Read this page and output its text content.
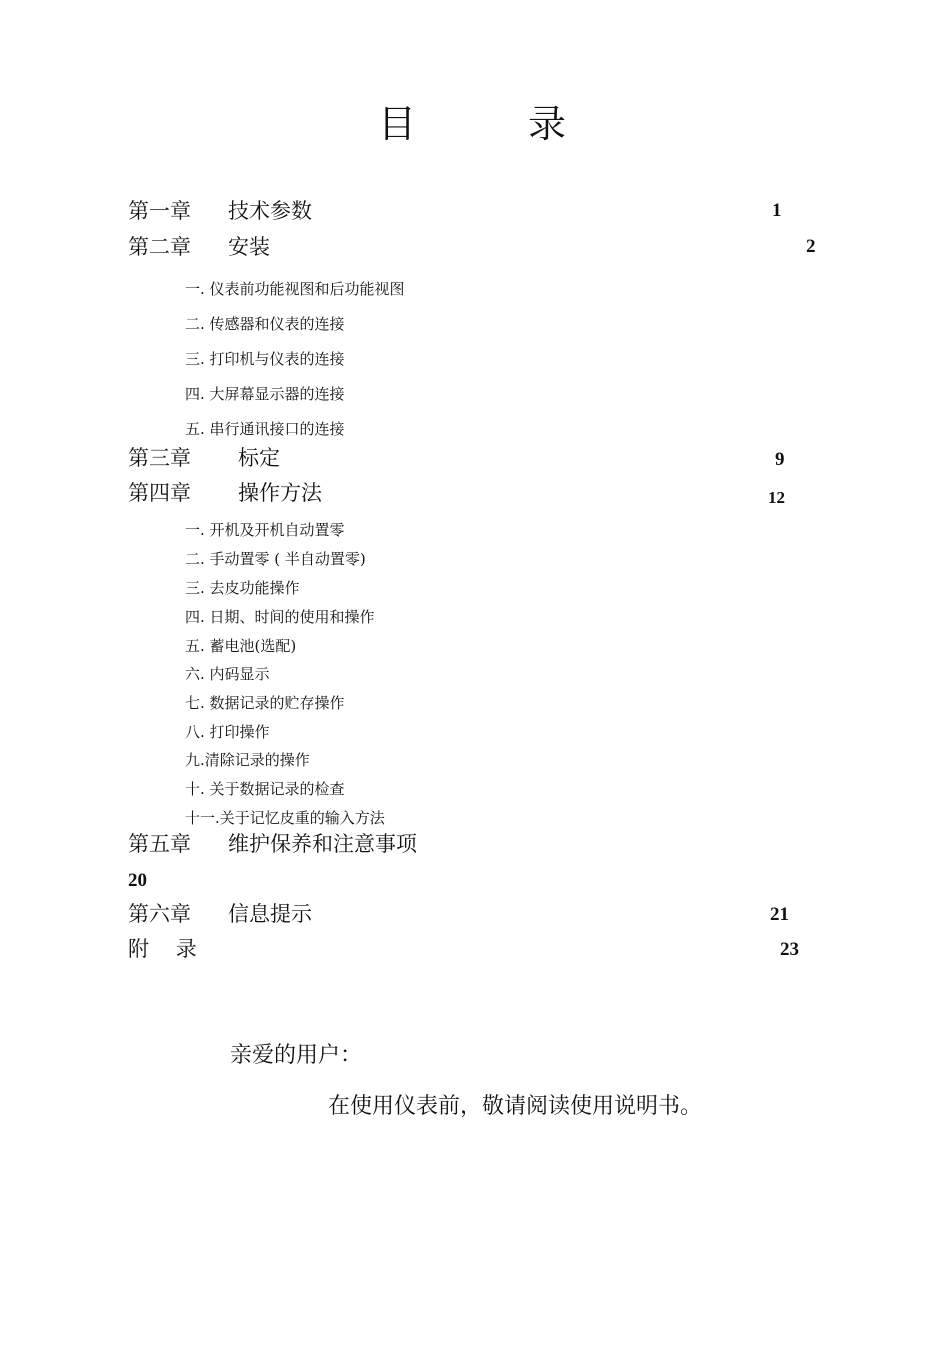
目	录
第一章 技术参数	1
第二章 安装	2
一. 仪表前功能视图和后功能视图
二. 传感器和仪表的连接
三. 打印机与仪表的连接
四. 大屏幕显示器的连接
五. 串行通讯接口的连接
第三章 标定	9
第四章 操作方法	12
一. 开机及开机自动置零
二. 手动置零 ( 半自动置零)
三. 去皮功能操作
四. 日期、时间的使用和操作
五. 蓄电池(选配)
六. 内码显示
七. 数据记录的贮存操作
八. 打印操作
九.清除记录的操作
十. 关于数据记录的检查
十一.关于记忆皮重的输入方法
第五章 维护保养和注意事项
20
第六章 信息提示	21
附    录	23
亲爱的用户：
在使用仪表前，敬请阅读使用说明书。
